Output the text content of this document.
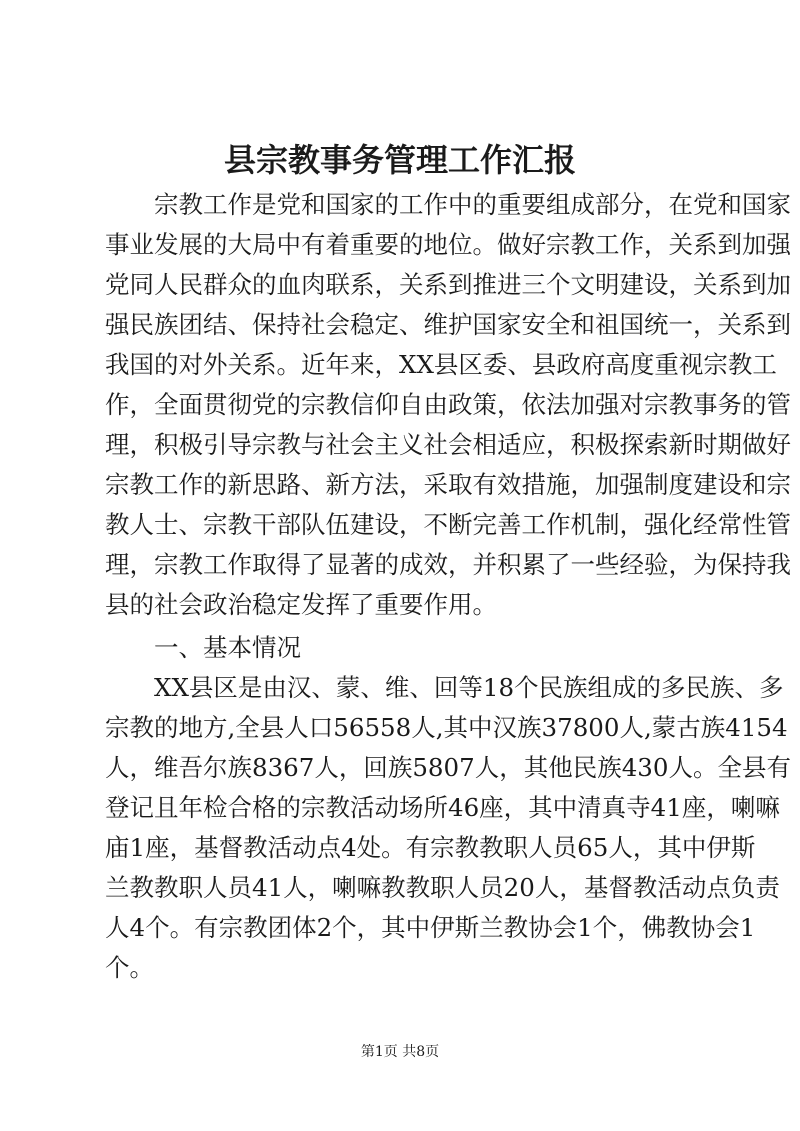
县宗教事务管理工作汇报
宗教工作是党和国家的工作中的重要组成部分，在党和国家
事业发展的大局中有着重要的地位。做好宗教工作，关系到加强
党同人民群众的血肉联系，关系到推进三个文明建设，关系到加
强民族团结、保持社会稳定、维护国家安全和祖国统一，关系到
我国的对外关系。近年来，XX县区委、县政府高度重视宗教工
作，全面贯彻党的宗教信仰自由政策，依法加强对宗教事务的管
理，积极引导宗教与社会主义社会相适应，积极探索新时期做好
宗教工作的新思路、新方法，采取有效措施，加强制度建设和宗
教人士、宗教干部队伍建设，不断完善工作机制，强化经常性管
理，宗教工作取得了显著的成效，并积累了一些经验，为保持我
县的社会政治稳定发挥了重要作用。
一、基本情况
XX县区是由汉、蒙、维、回等18个民族组成的多民族、多
宗教的地方,全县人口56558人,其中汉族37800人,蒙古族4154
人，维吾尔族8367人，回族5807人，其他民族430人。全县有
登记且年检合格的宗教活动场所46座，其中清真寺41座，喇嘛
庙1座，基督教活动点4处。有宗教教职人员65人，其中伊斯
兰教教职人员41人，喇嘛教教职人员20人，基督教活动点负责
人4个。有宗教团体2个，其中伊斯兰教协会1个，佛教协会1
个。
第1页 共8页
